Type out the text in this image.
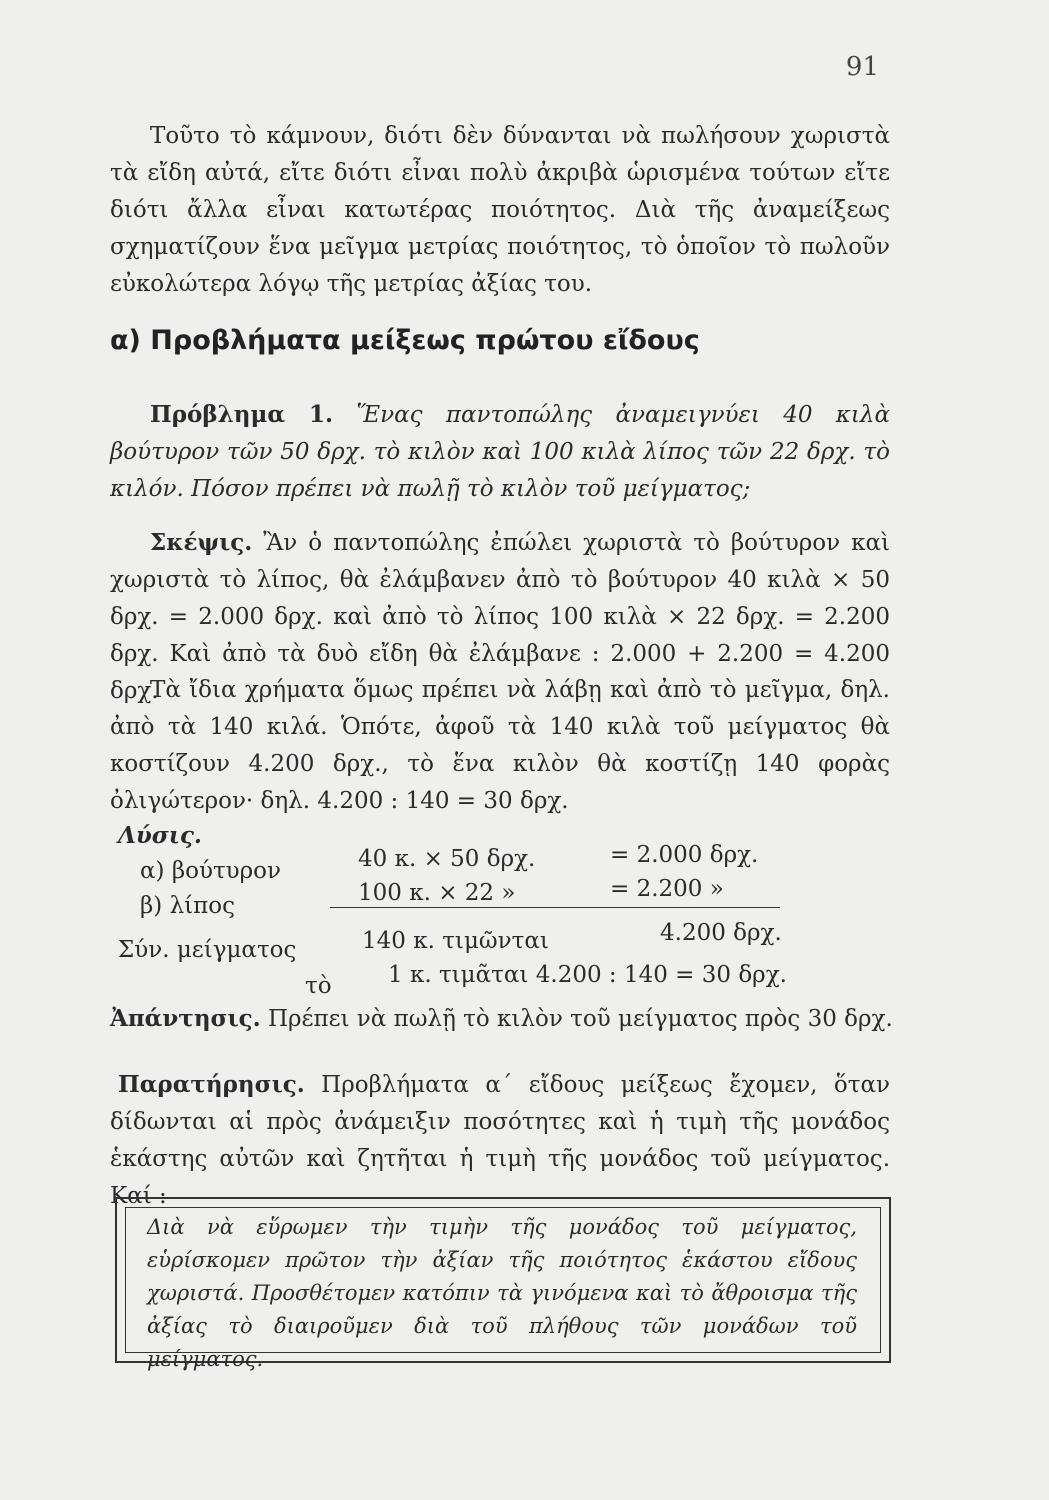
91

Τοῦτο τὸ κάμνουν, διότι δὲν δύνανται νὰ πωλήσουν χωριστὰ τὰ εἴδη αὐτά, εἴτε διότι εἶναι πολὺ ἀκριβὰ ὡρισμένα τούτων εἴτε διότι ἄλλα εἶναι κατωτέρας ποιότητος. Διὰ τῆς ἀναμείξεως σχηματίζουν ἕνα μεῖγμα μετρίας ποιότητος, τὸ ὁποῖον τὸ πωλοῦν εὐκολώτερα λόγῳ τῆς μετρίας ἀξίας του.

α) Προβλήματα μείξεως πρώτου εἴδους

Πρόβλημα 1. Ἕνας παντοπώλης ἀναμειγνύει 40 κιλὰ βούτυρον τῶν 50 δρχ. τὸ κιλὸν καὶ 100 κιλὰ λίπος τῶν 22 δρχ. τὸ κιλόν. Πόσον πρέπει νὰ πωλῇ τὸ κιλὸν τοῦ μείγματος;

Σκέψις. Ἂν ὁ παντοπώλης ἐπώλει χωριστὰ τὸ βούτυρον καὶ χωριστὰ τὸ λίπος, θὰ ἐλάμβανεν ἀπὸ τὸ βούτυρον 40 κιλὰ × 50 δρχ. = 2.000 δρχ. καὶ ἀπὸ τὸ λίπος 100 κιλὰ × 22 δρχ. = 2.200 δρχ. Καὶ ἀπὸ τὰ δυὸ εἴδη θὰ ἐλάμβανε : 2.000 + 2.200 = 4.200 δρχ.

Τὰ ἴδια χρήματα ὅμως πρέπει νὰ λάβῃ καὶ ἀπὸ τὸ μεῖγμα, δηλ. ἀπὸ τὰ 140 κιλά. Ὁπότε, ἀφοῦ τὰ 140 κιλὰ τοῦ μείγματος θὰ κοστίζουν 4.200 δρχ., τὸ ἕνα κιλὸν θὰ κοστίζῃ 140 φορὰς ὀλιγώτερον· δηλ. 4.200 : 140 = 30 δρχ.

Λύσις.
α) βούτυρον	40 κ. × 50 δρχ.	= 2.000 δρχ.
β) λίπος	100 κ. × 22 »	= 2.200 »
Σύν. μείγματος	140 κ. τιμῶνται	4.200 δρχ.
τὸ 1 κ. τιμᾶται 4.200 : 140 = 30 δρχ.
Ἀπάντησις. Πρέπει νὰ πωλῇ τὸ κιλὸν τοῦ μείγματος πρὸς 30 δρχ.

Παρατήρησις. Προβλήματα α΄ εἴδους μείξεως ἔχομεν, ὅταν δίδωνται αἱ πρὸς ἀνάμειξιν ποσότητες καὶ ἡ τιμὴ τῆς μονάδος ἑκάστης αὐτῶν καὶ ζητῆται ἡ τιμὴ τῆς μονάδος τοῦ μείγματος. Καί :

Διὰ νὰ εὕρωμεν τὴν τιμὴν τῆς μονάδος τοῦ μείγματος, εὑρίσκομεν πρῶτον τὴν ἀξίαν τῆς ποιότητος ἑκάστου εἴδους χωριστά. Προσθέτομεν κατόπιν τὰ γινόμενα καὶ τὸ ἄθροισμα τῆς ἀξίας τὸ διαιροῦμεν διὰ τοῦ πλήθους τῶν μονάδων τοῦ μείγματος.
